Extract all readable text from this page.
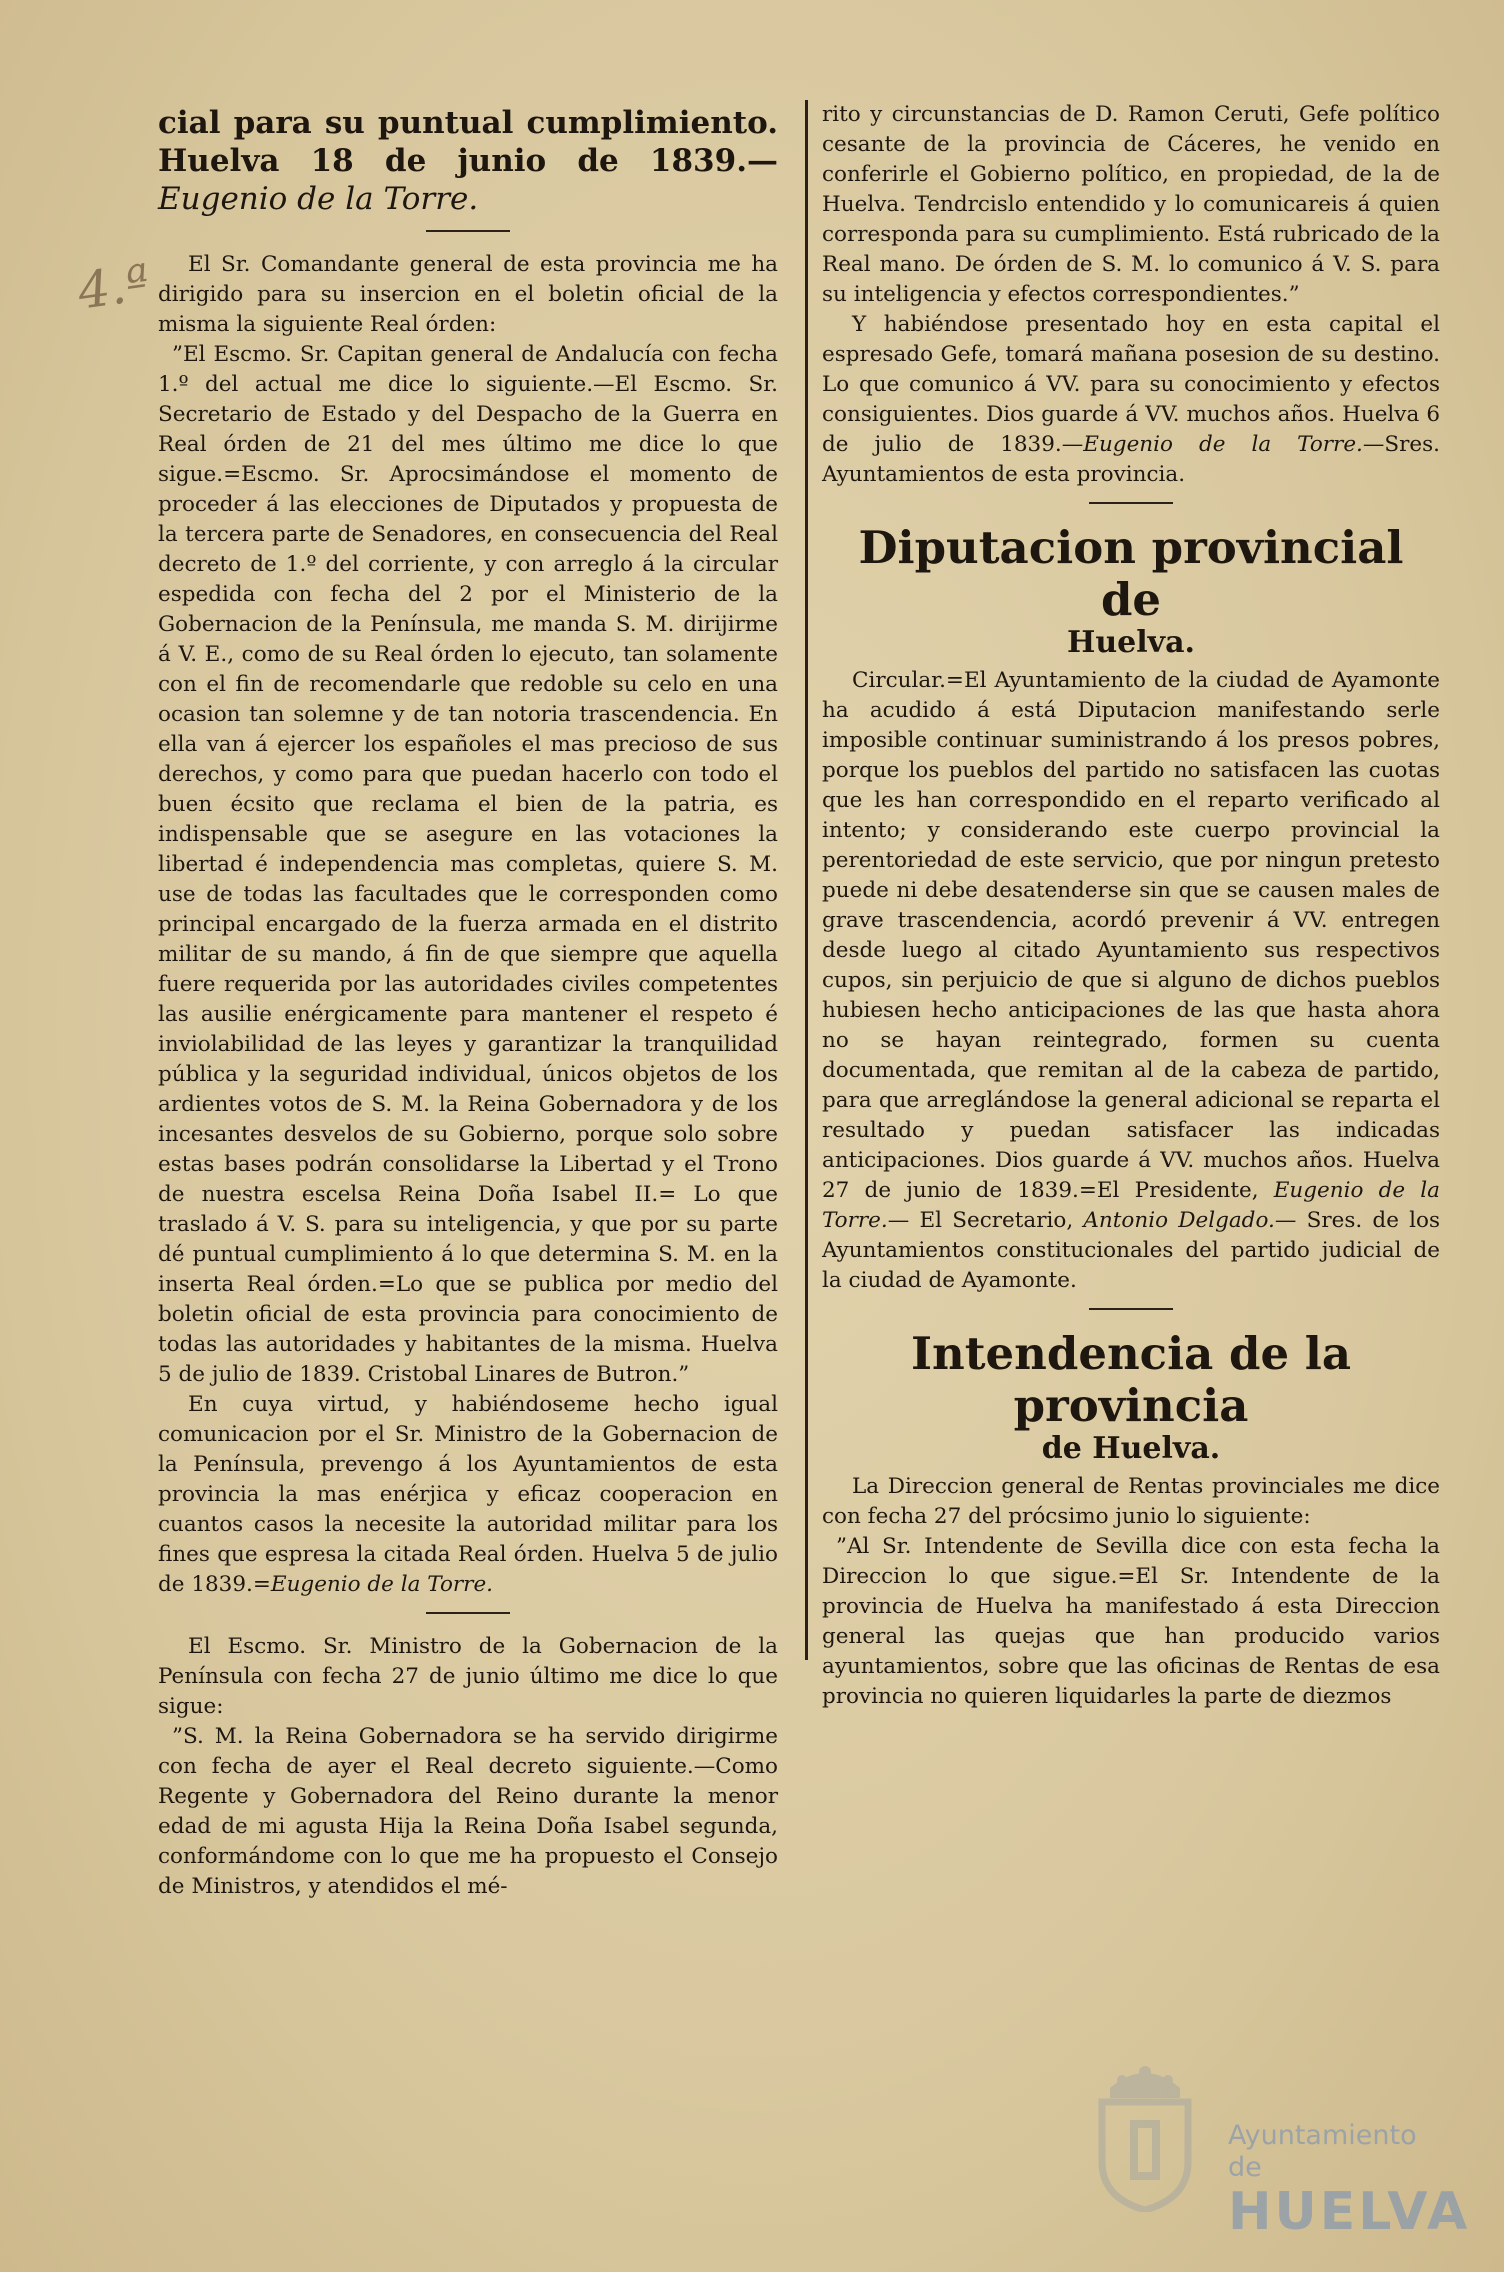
4.ª

cial para su puntual cumplimiento. Huelva 18 de junio de 1839.—Eugenio de la Torre.

El Sr. Comandante general de esta provincia me ha dirigido para su insercion en el boletin oficial de la misma la siguiente Real órden:

”El Escmo. Sr. Capitan general de Andalucía con fecha 1.º del actual me dice lo siguiente.—El Escmo. Sr. Secretario de Estado y del Despacho de la Guerra en Real órden de 21 del mes último me dice lo que sigue.=Escmo. Sr. Aprocsimándose el momento de proceder á las elecciones de Diputados y propuesta de la tercera parte de Senadores, en consecuencia del Real decreto de 1.º del corriente, y con arreglo á la circular espedida con fecha del 2 por el Ministerio de la Gobernacion de la Península, me manda S. M. dirijirme á V. E., como de su Real órden lo ejecuto, tan solamente con el fin de recomendarle que redoble su celo en una ocasion tan solemne y de tan notoria trascendencia. En ella van á ejercer los españoles el mas precioso de sus derechos, y como para que puedan hacerlo con todo el buen écsito que reclama el bien de la patria, es indispensable que se asegure en las votaciones la libertad é independencia mas completas, quiere S. M. use de todas las facultades que le corresponden como principal encargado de la fuerza armada en el distrito militar de su mando, á fin de que siempre que aquella fuere requerida por las autoridades civiles competentes las ausilie enérgicamente para mantener el respeto é inviolabilidad de las leyes y garantizar la tranquilidad pública y la seguridad individual, únicos objetos de los ardientes votos de S. M. la Reina Gobernadora y de los incesantes desvelos de su Gobierno, porque solo sobre estas bases podrán consolidarse la Libertad y el Trono de nuestra escelsa Reina Doña Isabel II.= Lo que traslado á V. S. para su inteligencia, y que por su parte dé puntual cumplimiento á lo que determina S. M. en la inserta Real órden.=Lo que se publica por medio del boletin oficial de esta provincia para conocimiento de todas las autoridades y habitantes de la misma. Huelva 5 de julio de 1839. Cristobal Linares de Butron.”

En cuya virtud, y habiéndoseme hecho igual comunicacion por el Sr. Ministro de la Gobernacion de la Península, prevengo á los Ayuntamientos de esta provincia la mas enérjica y eficaz cooperacion en cuantos casos la necesite la autoridad militar para los fines que espresa la citada Real órden. Huelva 5 de julio de 1839.=Eugenio de la Torre.

El Escmo. Sr. Ministro de la Gobernacion de la Península con fecha 27 de junio último me dice lo que sigue:

”S. M. la Reina Gobernadora se ha servido dirigirme con fecha de ayer el Real decreto siguiente.—Como Regente y Gobernadora del Reino durante la menor edad de mi agusta Hija la Reina Doña Isabel segunda, conformándome con lo que me ha propuesto el Consejo de Ministros, y atendidos el mé-

rito y circunstancias de D. Ramon Ceruti, Gefe político cesante de la provincia de Cáceres, he venido en conferirle el Gobierno político, en propiedad, de la de Huelva. Tendrcislo entendido y lo comunicareis á quien corresponda para su cumplimiento. Está rubricado de la Real mano. De órden de S. M. lo comunico á V. S. para su inteligencia y efectos correspondientes.”

Y habiéndose presentado hoy en esta capital el espresado Gefe, tomará mañana posesion de su destino. Lo que comunico á VV. para su conocimiento y efectos consiguientes. Dios guarde á VV. muchos años. Huelva 6 de julio de 1839.—Eugenio de la Torre.—Sres. Ayuntamientos de esta provincia.

Diputacion provincial de
Huelva.

Circular.=El Ayuntamiento de la ciudad de Ayamonte ha acudido á está Diputacion manifestando serle imposible continuar suministrando á los presos pobres, porque los pueblos del partido no satisfacen las cuotas que les han correspondido en el reparto verificado al intento; y considerando este cuerpo provincial la perentoriedad de este servicio, que por ningun pretesto puede ni debe desatenderse sin que se causen males de grave trascendencia, acordó prevenir á VV. entregen desde luego al citado Ayuntamiento sus respectivos cupos, sin perjuicio de que si alguno de dichos pueblos hubiesen hecho anticipaciones de las que hasta ahora no se hayan reintegrado, formen su cuenta documentada, que remitan al de la cabeza de partido, para que arreglándose la general adicional se reparta el resultado y puedan satisfacer las indicadas anticipaciones. Dios guarde á VV. muchos años. Huelva 27 de junio de 1839.=El Presidente, Eugenio de la Torre.— El Secretario, Antonio Delgado.— Sres. de los Ayuntamientos constitucionales del partido judicial de la ciudad de Ayamonte.

Intendencia de la provincia
de Huelva.

La Direccion general de Rentas provinciales me dice con fecha 27 del prócsimo junio lo siguiente:

”Al Sr. Intendente de Sevilla dice con esta fecha la Direccion lo que sigue.=El Sr. Intendente de la provincia de Huelva ha manifestado á esta Direccion general las quejas que han producido varios ayuntamientos, sobre que las oficinas de Rentas de esa provincia no quieren liquidarles la parte de diezmos

Ayuntamiento de
HUELVA
